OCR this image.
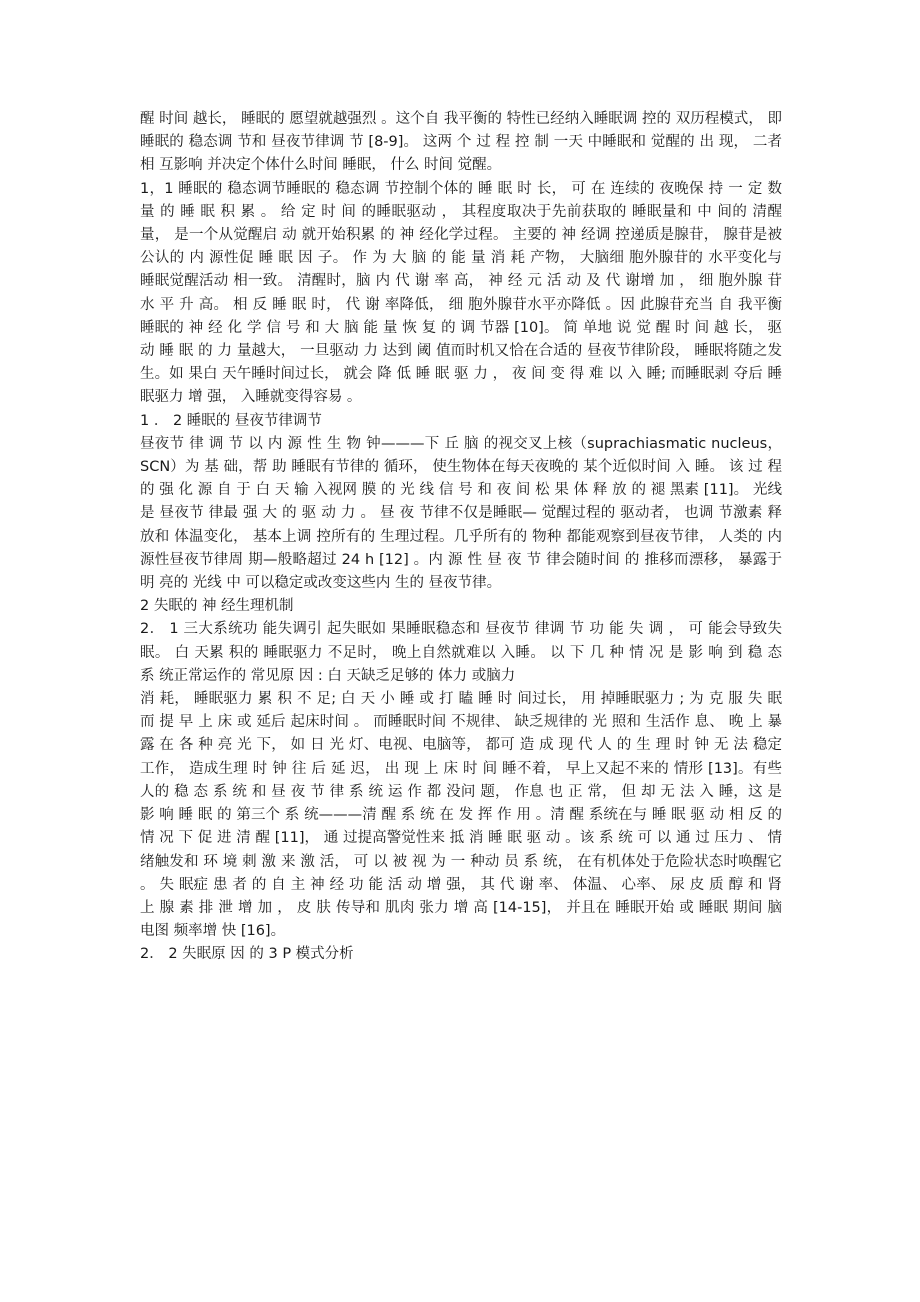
醒 时间 越长， 睡眠的 愿望就越强烈 。这个自 我平衡的 特性已经纳入睡眠调 控的 双历程模式， 即 睡眠的 稳态调 节和 昼夜节律调 节 [8-9]。 这两 个 过 程 控 制 一天 中睡眠和 觉醒的 出 现， 二者相 互影响 并决定个体什么时间 睡眠， 什么 时间 觉醒。

1，1 睡眠的 稳态调节睡眠的 稳态调 节控制个体的 睡 眠 时 长， 可 在 连续的 夜晚保 持 一 定 数 量 的 睡 眠 积 累 。 给 定 时 间 的睡眠驱动 ， 其程度取决于先前获取的 睡眠量和 中 间的 清醒量， 是一个从觉醒启 动 就开始积累 的 神 经化学过程。 主要的 神 经调 控递质是腺苷， 腺苷是被公认的 内 源性促 睡 眠 因 子。 作 为 大 脑 的 能 量 消 耗 产物， 大脑细 胞外腺苷的 水平变化与 睡眠觉醒活动 相一致。 清醒时，脑 内 代 谢 率 高， 神 经 元 活 动 及 代 谢增 加 ， 细 胞外腺 苷 水 平 升 高。 相 反 睡 眠 时， 代 谢 率降低， 细 胞外腺苷水平亦降低 。因 此腺苷充当 自 我平衡睡眠的 神 经 化 学 信 号 和 大 脑 能 量 恢 复 的 调 节器 [10]。 简 单地 说 觉 醒 时 间 越 长， 驱 动 睡 眠 的 力 量越大， 一旦驱动 力 达到 阈 值而时机又恰在合适的 昼夜节律阶段， 睡眠将随之发生。如 果白 天午睡时间过长， 就会 降 低 睡 眠 驱 力 ， 夜 间 变 得 难 以 入 睡; 而睡眠剥 夺后 睡眠驱力 增 强， 入睡就变得容易 。

1 ． 2 睡眠的 昼夜节律调节

昼夜节 律 调 节 以 内 源 性 生 物 钟———下 丘 脑 的视交叉上核（suprachiasmatic nucleus， SCN）为 基 础，帮 助 睡眠有节律的 循环， 使生物体在每天夜晚的 某个近似时间 入 睡。 该 过 程 的 强 化 源 自 于 白 天 输 入视网 膜 的 光 线 信 号 和 夜 间 松 果 体 释 放 的 褪 黑素 [11]。 光线 是 昼夜节 律最 强 大 的 驱 动 力 。 昼 夜 节律不仅是睡眠— 觉醒过程的 驱动者， 也调 节激素 释放和 体温变化， 基本上调 控所有的 生理过程。几乎所有的 物种 都能观察到昼夜节律， 人类的 内 源性昼夜节律周 期—般略超过 24 h [12] 。内 源 性 昼 夜 节 律会随时间 的 推移而漂移， 暴露于明 亮的 光线 中 可以稳定或改变这些内 生的 昼夜节律。

2 失眠的 神 经生理机制

2． 1 三大系统功 能失调引 起失眠如 果睡眠稳态和 昼夜节 律调 节 功 能 失 调 ， 可 能会导致失眠。 白 天累 积的 睡眠驱力 不足时， 晚上自然就难以 入睡。 以 下 几 种 情 况 是 影 响 到 稳 态 系 统正常运作的 常见原 因 : 白 天缺乏足够的 体力 或脑力

消 耗， 睡眠驱力 累 积 不 足; 白 天 小 睡 或 打 瞌 睡 时 间过长， 用 掉睡眠驱力 ; 为 克 服 失 眠 而 提 早 上 床 或 延后 起床时间 。 而睡眠时间 不规律、 缺乏规律的 光 照和 生活作 息、 晚 上 暴 露 在 各 种 亮 光 下， 如 日 光 灯、电视、电脑等， 都可 造 成 现 代 人 的 生 理 时 钟 无 法 稳定工作， 造成生理 时 钟 往 后 延 迟， 出 现 上 床 时 间 睡不着， 早上又起不来的 情形 [13]。有些人的 稳 态 系 统 和 昼 夜 节 律 系 统 运 作 都 没问 题， 作息 也 正 常， 但 却 无 法 入 睡，这 是 影 响 睡 眠 的 第三个 系 统———清 醒 系 统 在 发 挥 作 用 。清 醒 系统在与 睡 眠 驱 动 相 反 的 情 况 下 促 进 清 醒 [11]， 通 过提高警觉性来 抵 消 睡 眠 驱 动 。该 系 统 可 以 通 过 压力 、 情绪触发和 环 境 刺 激 来 激 活， 可 以 被 视 为 一 种动 员 系 统， 在有机体处于危险状态时唤醒它 。 失 眠症 患 者 的 自 主 神 经 功 能 活 动 增 强， 其 代 谢 率、 体温、 心率、 尿 皮 质 醇 和 肾 上 腺 素 排 泄 增 加 ， 皮 肤 传导和 肌肉 张力 增 高 [14-15]， 并且在 睡眠开始 或 睡眠 期间 脑电图 频率增 快 [16]。

2． 2 失眠原 因 的 3 P 模式分析
